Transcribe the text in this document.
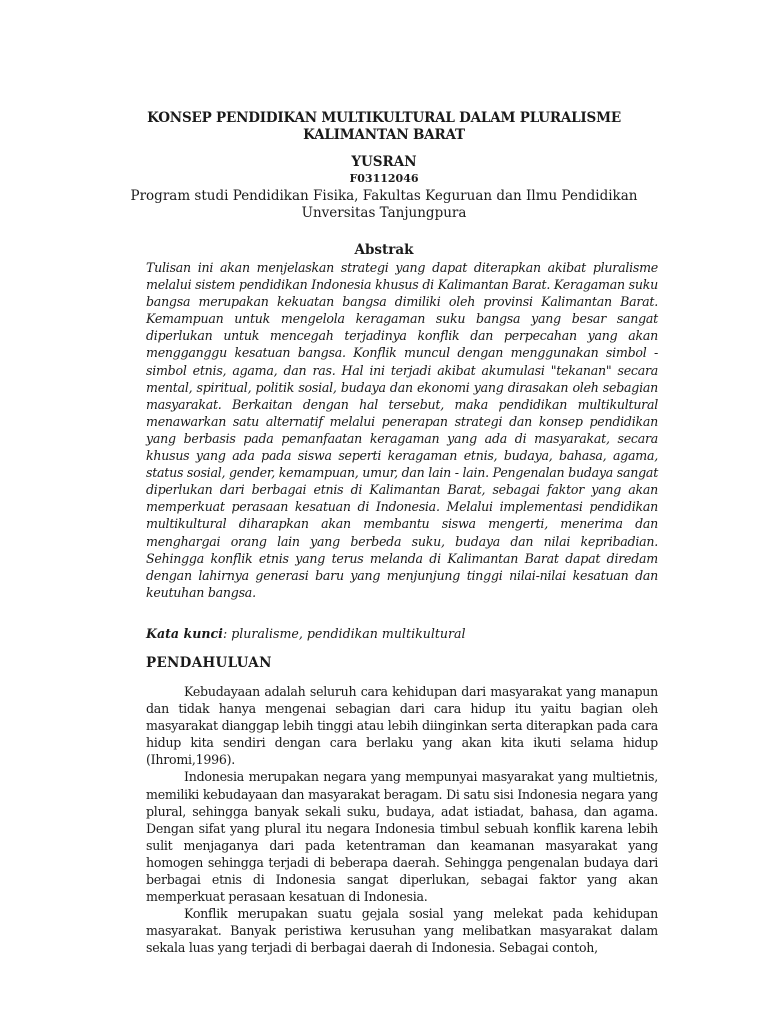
KONSEP PENDIDIKAN MULTIKULTURAL DALAM PLURALISME KALIMANTAN BARAT
YUSRAN
F03112046
Program studi Pendidikan Fisika, Fakultas Keguruan dan Ilmu Pendidikan Unversitas Tanjungpura
Abstrak
Tulisan ini akan menjelaskan strategi yang dapat diterapkan akibat pluralisme melalui sistem pendidikan Indonesia khusus di Kalimantan Barat. Keragaman suku bangsa merupakan kekuatan bangsa dimiliki oleh provinsi Kalimantan Barat. Kemampuan untuk mengelola keragaman suku bangsa yang besar sangat diperlukan untuk mencegah terjadinya konflik dan perpecahan yang akan mengganggu kesatuan bangsa. Konflik muncul dengan menggunakan simbol - simbol etnis, agama, dan ras. Hal ini terjadi akibat akumulasi "tekanan" secara mental, spiritual, politik sosial, budaya dan ekonomi yang dirasakan oleh sebagian masyarakat. Berkaitan dengan hal tersebut, maka pendidikan multikultural menawarkan satu alternatif melalui penerapan strategi dan konsep pendidikan yang berbasis pada pemanfaatan keragaman yang ada di masyarakat, secara khusus yang ada pada siswa seperti keragaman etnis, budaya, bahasa, agama, status sosial, gender, kemampuan, umur, dan lain - lain. Pengenalan budaya sangat diperlukan dari berbagai etnis di Kalimantan Barat, sebagai faktor yang akan memperkuat perasaan kesatuan di Indonesia. Melalui implementasi pendidikan multikultural diharapkan akan membantu siswa mengerti, menerima dan menghargai orang lain yang berbeda suku, budaya dan nilai kepribadian. Sehingga konflik etnis yang terus melanda di Kalimantan Barat dapat diredam dengan lahirnya generasi baru yang menjunjung tinggi nilai-nilai kesatuan dan keutuhan bangsa.
Kata kunci: pluralisme, pendidikan multikultural
PENDAHULUAN

Kebudayaan adalah seluruh cara kehidupan dari masyarakat yang manapun dan tidak hanya mengenai sebagian dari cara hidup itu yaitu bagian oleh masyarakat dianggap lebih tinggi atau lebih diinginkan serta diterapkan pada cara hidup kita sendiri dengan cara berlaku yang akan kita ikuti selama hidup (Ihromi,1996).

Indonesia merupakan negara yang mempunyai masyarakat yang multietnis, memiliki kebudayaan dan masyarakat beragam. Di satu sisi Indonesia negara yang plural, sehingga banyak sekali suku, budaya, adat istiadat, bahasa, dan agama. Dengan sifat yang plural itu negara Indonesia timbul sebuah konflik karena lebih sulit menjaganya dari pada ketentraman dan keamanan masyarakat yang homogen sehingga terjadi di beberapa daerah. Sehingga pengenalan budaya dari berbagai etnis di Indonesia sangat diperlukan, sebagai faktor yang akan memperkuat perasaan kesatuan di Indonesia.

Konflik merupakan suatu gejala sosial yang melekat pada kehidupan masyarakat. Banyak peristiwa kerusuhan yang melibatkan masyarakat dalam sekala luas yang terjadi di berbagai daerah di Indonesia. Sebagai contoh,
